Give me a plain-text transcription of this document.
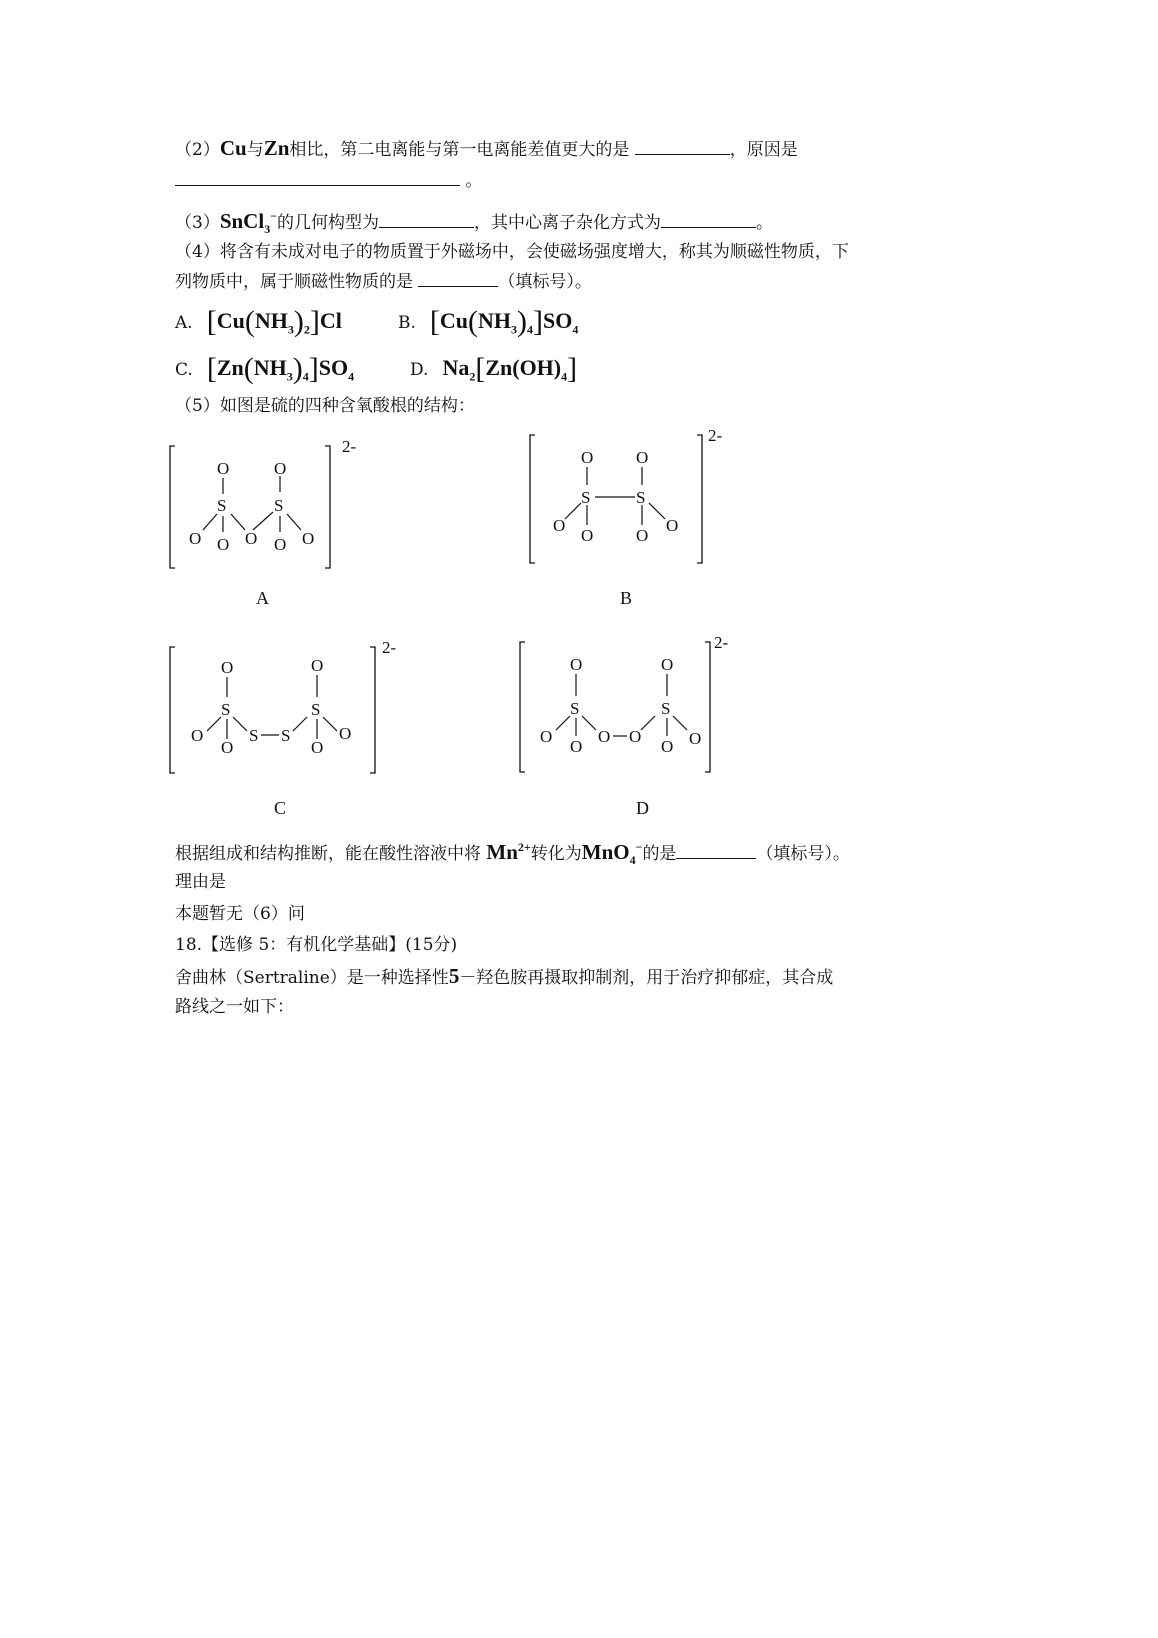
（2）Cu与Zn相比，第二电离能与第一电离能差值更大的是	，原因是
。
（3）SnCl$_3$−的几何构型为	，其中心离子杂化方式为	。
（4）将含有未成对电子的物质置于外磁场中，会使磁场强度增大，称其为顺磁性物质，下
列物质中，属于顺磁性物质的是	（填标号）。
A. $[Cu(NH_3)_2]Cl$	B. $[Cu(NH_3)_4]SO_4$
C. $[Zn(NH_3)_4]SO_4$	D. $Na_2[Zn(OH)_4]$
（5）如图是硫的四种含氧酸根的结构：
2-
O
S
O O O
O
S
O O
A
2-
O
S
O
O
O
S
O
O
B
2-
O
S
O
O
S S
O
S
O
O
C
2-
O
S
O
O
O O
O
S
O O
D
根据组成和结构推断，能在酸性溶液中将 $Mn^{2+}$转化为MnO$_4$−的是	（填标号）。
理由是
本题暂无（6）问
18.【选修 5：有机化学基础】(15分)
舍曲林（Sertraline）是一种选择性5－羟色胺再摄取抑制剂，用于治疗抑郁症，其合成
路线之一如下：
